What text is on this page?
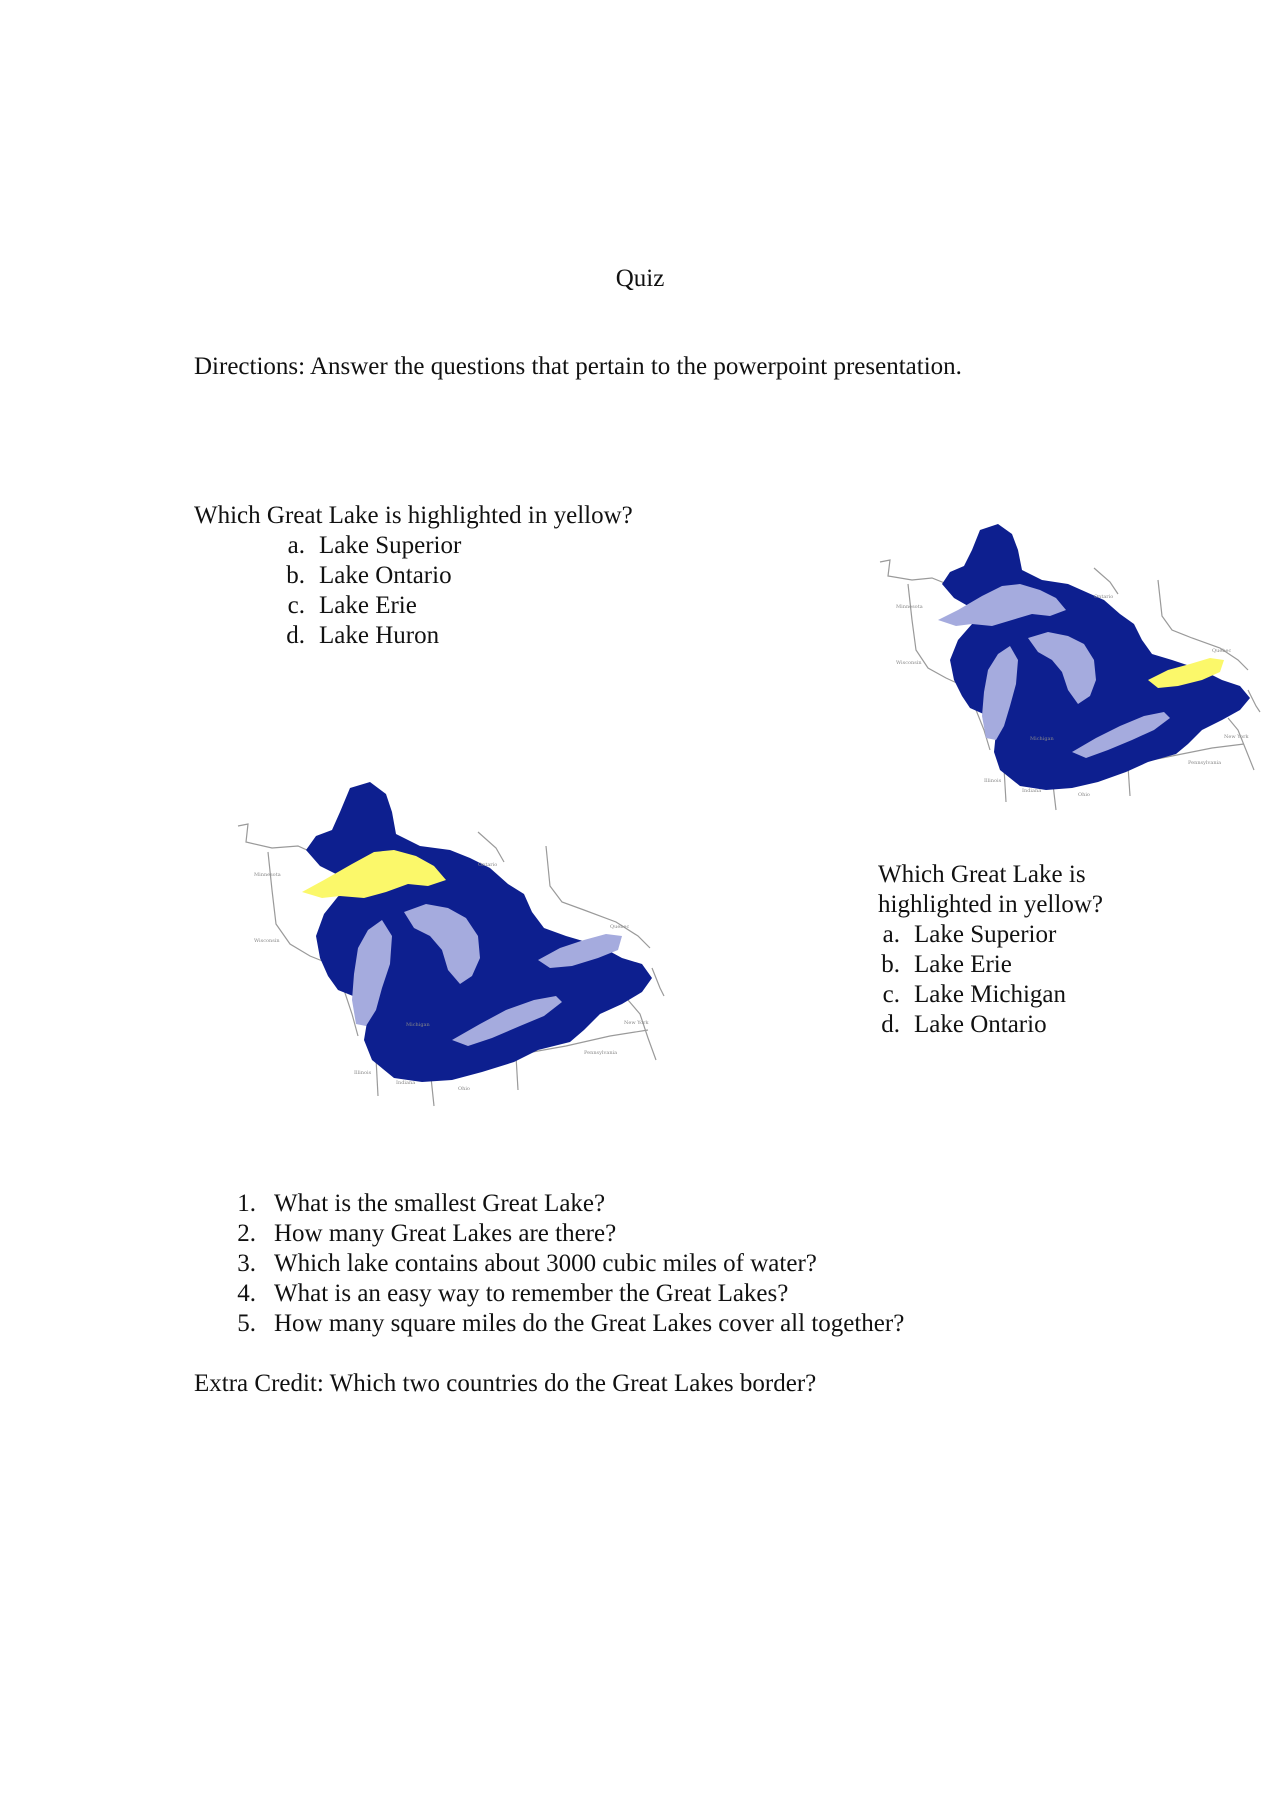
Quiz
Directions: Answer the questions that pertain to the powerpoint presentation.
Which Great Lake is highlighted in yellow?
a. Lake Superior
b. Lake Ontario
c. Lake Erie
d. Lake Huron
Minnesota
Ontario
Wisconsin
Quebec
Michigan	New York
Pennsylvania
Illinois
Indiana
Ohio
Minnesota
Ontario
Wisconsin
Quebec
Michigan	New York
Pennsylvania
Illinois
Indiana
Ohio
Which Great Lake is
highlighted in yellow?
a. Lake Superior
b. Lake Erie
c. Lake Michigan
d. Lake Ontario
1. What is the smallest Great Lake?
2. How many Great Lakes are there?
3. Which lake contains about 3000 cubic miles of water?
4. What is an easy way to remember the Great Lakes?
5. How many square miles do the Great Lakes cover all together?
Extra Credit: Which two countries do the Great Lakes border?
